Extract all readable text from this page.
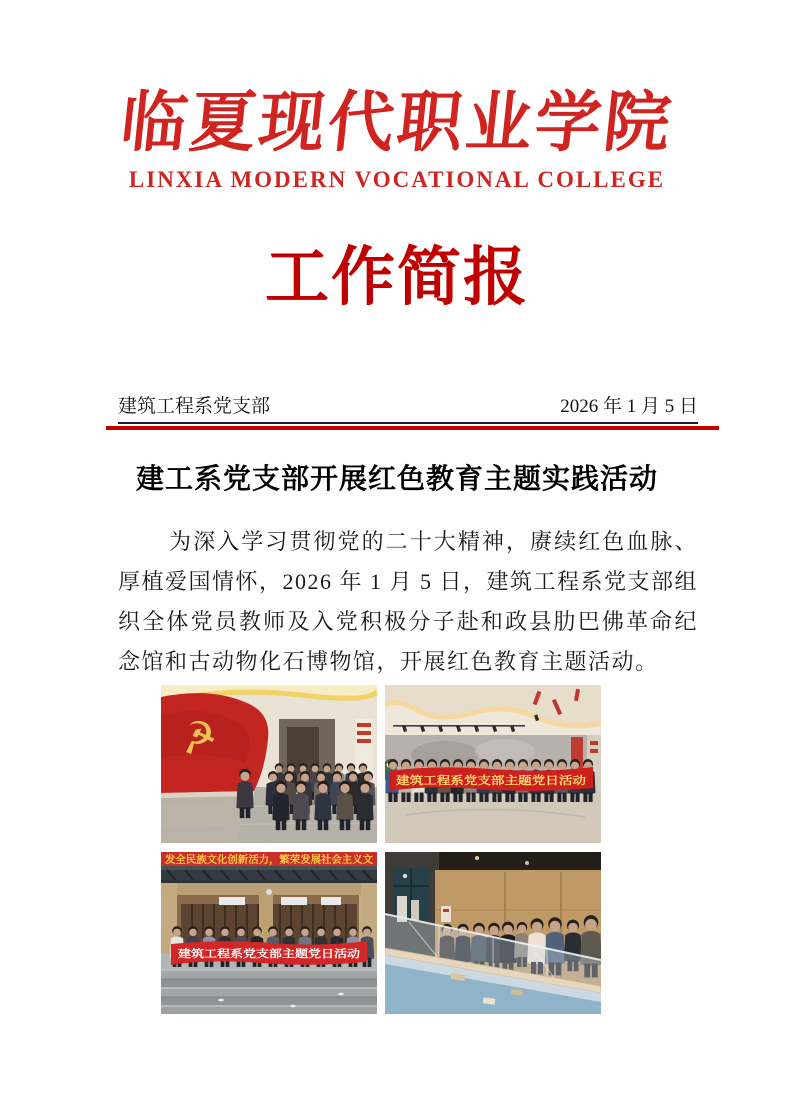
临夏现代职业学院
LINXIA MODERN VOCATIONAL COLLEGE
工作简报
建筑工程系党支部	2026 年 1 月 5 日
建工系党支部开展红色教育主题实践活动

为深入学习贯彻党的二十大精神，赓续红色血脉、厚植爱国情怀，2026 年 1 月 5 日，建筑工程系党支部组织全体党员教师及入党积极分子赴和政县肋巴佛革命纪念馆和古动物化石博物馆，开展红色教育主题活动。

☭
建筑工程系党支部主题党日活动
发全民族文化创新活力，繁荣发展社会主义文
建筑工程系党支部主题党日活动
